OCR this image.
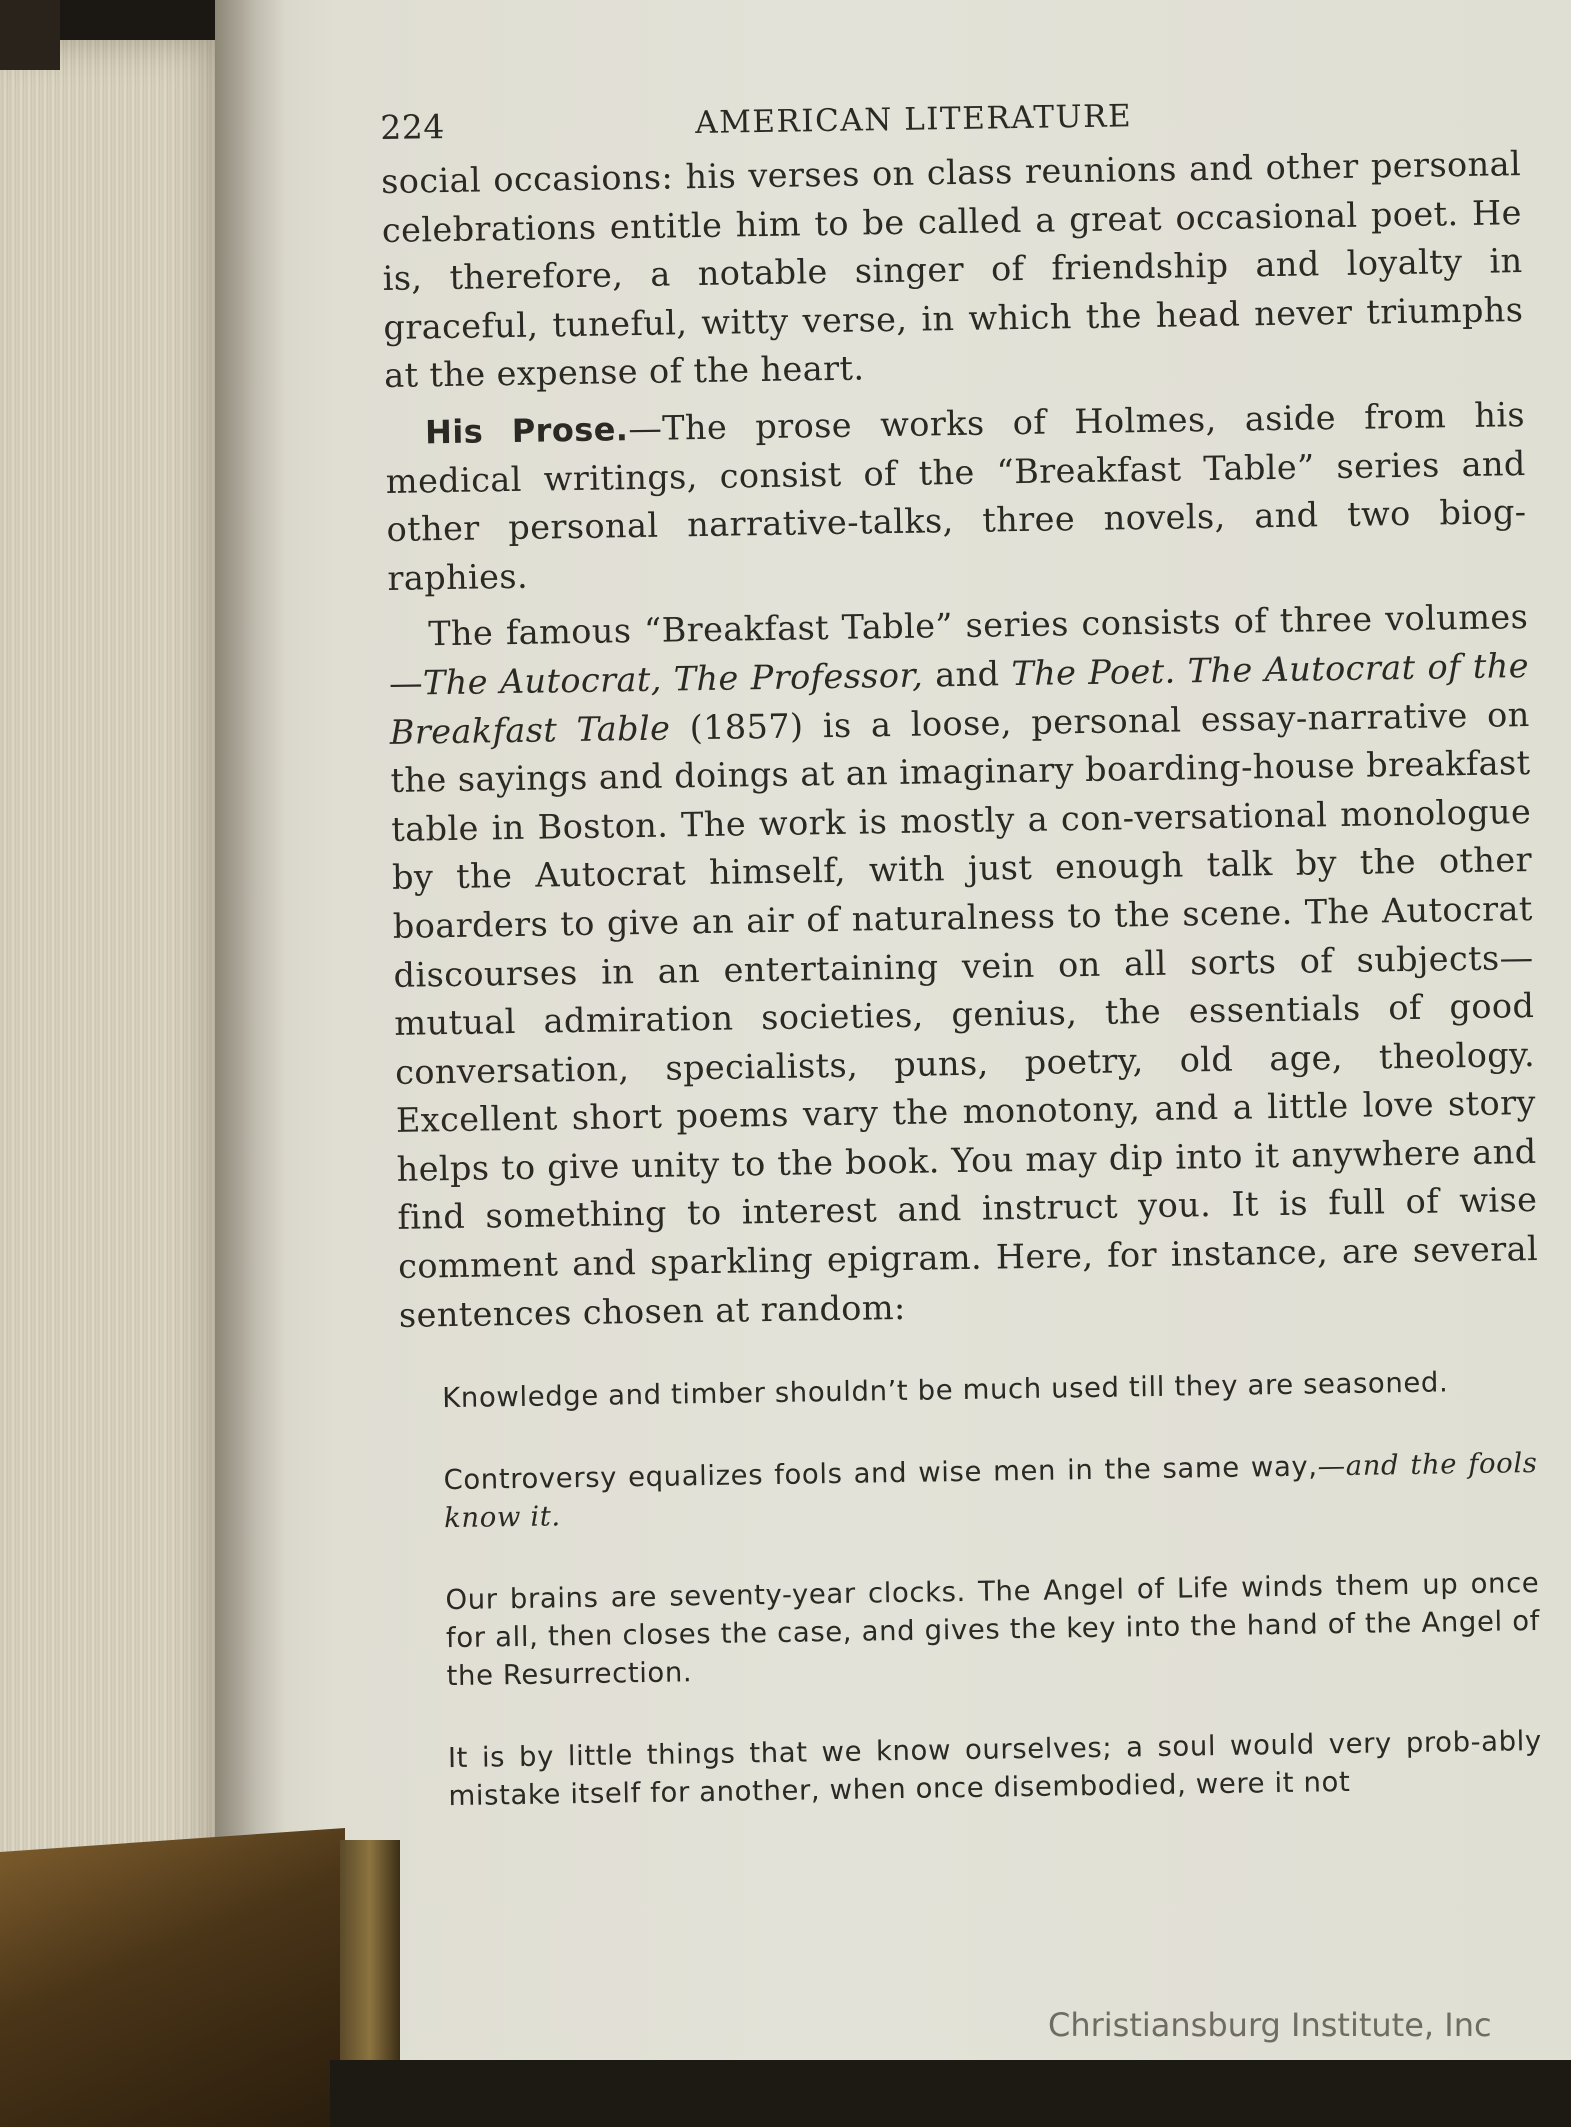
224	AMERICAN LITERATURE

social occasions: his verses on class reunions and other personal celebrations entitle him to be called a great occasional poet. He is, therefore, a notable singer of friendship and loyalty in graceful, tuneful, witty verse, in which the head never triumphs at the expense of the heart.

His Prose.—The prose works of Holmes, aside from his medical writings, consist of the “Breakfast Table” series and other personal narrative-talks, three novels, and two biog-raphies.

The famous “Breakfast Table” series consists of three volumes—The Autocrat, The Professor, and The Poet. The Autocrat of the Breakfast Table (1857) is a loose, personal essay-narrative on the sayings and doings at an imaginary boarding-house breakfast table in Boston. The work is mostly a con-versational monologue by the Autocrat himself, with just enough talk by the other boarders to give an air of naturalness to the scene. The Autocrat discourses in an entertaining vein on all sorts of subjects—mutual admiration societies, genius, the essentials of good conversation, specialists, puns, poetry, old age, theology. Excellent short poems vary the monotony, and a little love story helps to give unity to the book. You may dip into it anywhere and find something to interest and instruct you. It is full of wise comment and sparkling epigram. Here, for instance, are several sentences chosen at random:

Knowledge and timber shouldn’t be much used till they are seasoned.

Controversy equalizes fools and wise men in the same way,—and the fools know it.

Our brains are seventy-year clocks. The Angel of Life winds them up once for all, then closes the case, and gives the key into the hand of the Angel of the Resurrection.

It is by little things that we know ourselves; a soul would very prob-ably mistake itself for another, when once disembodied, were it not

Christiansburg Institute, Inc
